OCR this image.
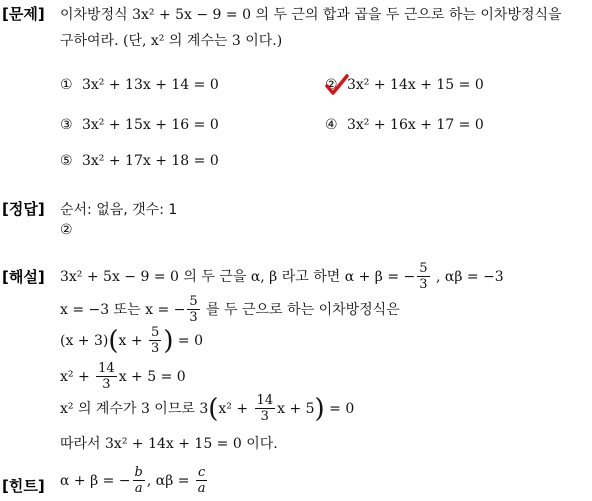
[문제] 이차방정식 3x² + 5x − 9 = 0 의 두 근의 합과 곱을 두 근으로 하는 이차방정식을
구하여라. (단, x² 의 계수는 3 이다.)
① 3x² + 13x + 14 = 0	② 3x² + 14x + 15 = 0
③ 3x² + 15x + 16 = 0	④ 3x² + 16x + 17 = 0
⑤ 3x² + 17x + 18 = 0
[정답] 순서: 없음, 갯수: 1
②
[해설] 3x² + 5x − 9 = 0 의 두 근을 α, β 라고 하면 α + β = − $\frac{5}{3}$ , αβ = −3
x = −3 또는 x = − $\frac{5}{3}$ 를 두 근으로 하는 이차방정식은
$(x + 3)(x + \frac{5}{3}$ ) = 0
$x^2 + \frac{14}{3}$ x + 5 = 0
x² 의 계수가 3 이므로 $3(x^2 + \frac{14}{3}$ x + 5) = 0
따라서 3x² + 14x + 15 = 0 이다.
[힌트] α + β = − $\frac{b}{a}$ , $\alpha\beta = \frac{c}{a}$
